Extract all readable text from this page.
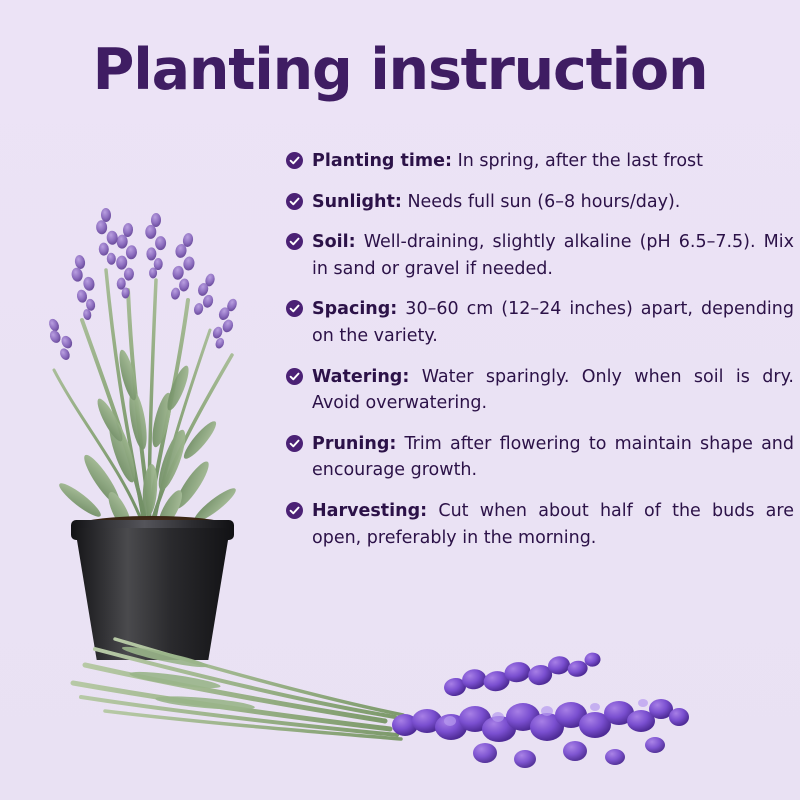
Planting instruction
Planting time: In spring, after the last frost
Sunlight: Needs full sun (6–8 hours/day).
Soil: Well-draining, slightly alkaline (pH 6.5–7.5). Mix in sand or gravel if needed.
Spacing: 30–60 cm (12–24 inches) apart, depending on the variety.
Watering: Water sparingly. Only when soil is dry. Avoid overwatering.
Pruning: Trim after flowering to maintain shape and encourage growth.
Harvesting: Cut when about half of the buds are open, preferably in the morning.
